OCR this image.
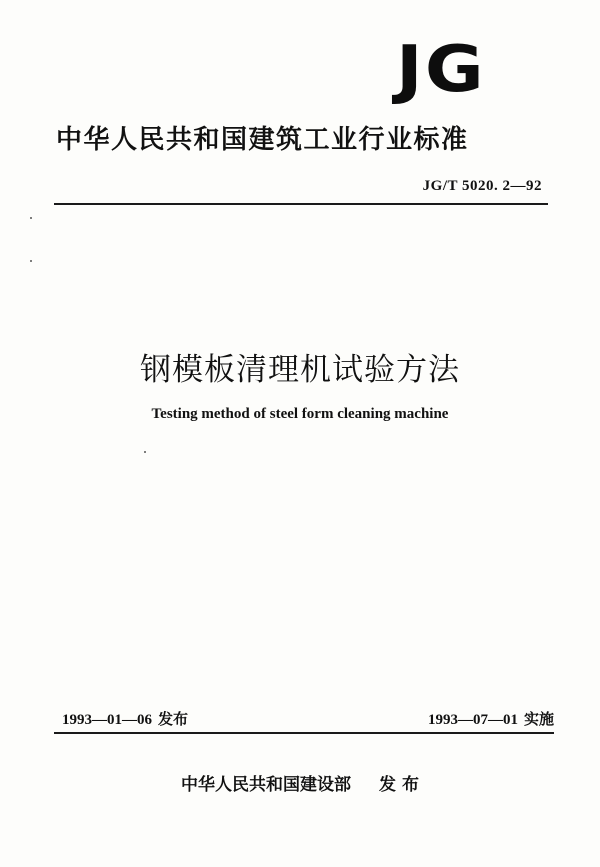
JG
中华人民共和国建筑工业行业标准
JG/T 5020. 2—92
钢模板清理机试验方法
Testing method of steel form cleaning machine
1993—01—06 发布	1993—07—01 实施
中华人民共和国建设部 发 布
